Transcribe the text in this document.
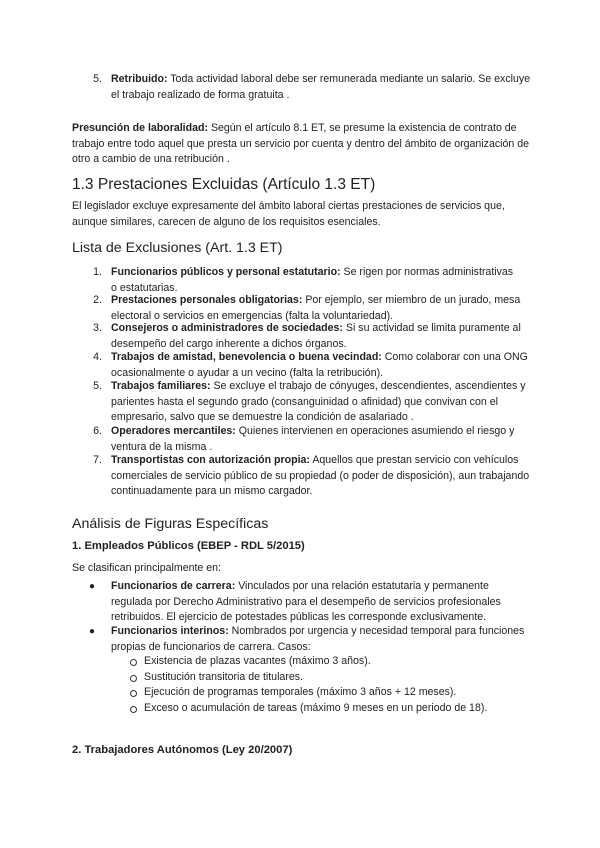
5. Retribuido: Toda actividad laboral debe ser remunerada mediante un salario. Se excluye el trabajo realizado de forma gratuita .
Presunción de laboralidad: Según el artículo 8.1 ET, se presume la existencia de contrato de trabajo entre todo aquel que presta un servicio por cuenta y dentro del ámbito de organización de otro a cambio de una retribución .
1.3 Prestaciones Excluidas (Artículo 1.3 ET)
El legislador excluye expresamente del ámbito laboral ciertas prestaciones de servicios que, aunque similares, carecen de alguno de los requisitos esenciales.
Lista de Exclusiones (Art. 1.3 ET)
1. Funcionarios públicos y personal estatutario: Se rigen por normas administrativas o estatutarias.
2. Prestaciones personales obligatorias: Por ejemplo, ser miembro de un jurado, mesa electoral o servicios en emergencias (falta la voluntariedad).
3. Consejeros o administradores de sociedades: Si su actividad se limita puramente al desempeño del cargo inherente a dichos órganos.
4. Trabajos de amistad, benevolencia o buena vecindad: Como colaborar con una ONG ocasionalmente o ayudar a un vecino (falta la retribución).
5. Trabajos familiares: Se excluye el trabajo de cónyuges, descendientes, ascendientes y parientes hasta el segundo grado (consanguinidad o afinidad) que convivan con el empresario, salvo que se demuestre la condición de asalariado .
6. Operadores mercantiles: Quienes intervienen en operaciones asumiendo el riesgo y ventura de la misma .
7. Transportistas con autorización propia: Aquellos que prestan servicio con vehículos comerciales de servicio público de su propiedad (o poder de disposición), aun trabajando continuadamente para un mismo cargador.
Análisis de Figuras Específicas
1. Empleados Públicos (EBEP - RDL 5/2015)
Se clasifican principalmente en:
● Funcionarios de carrera: Vinculados por una relación estatutaria y permanente regulada por Derecho Administrativo para el desempeño de servicios profesionales retribuidos. El ejercicio de potestades públicas les corresponde exclusivamente.
● Funcionarios interinos: Nombrados por urgencia y necesidad temporal para funciones propias de funcionarios de carrera. Casos:
Existencia de plazas vacantes (máximo 3 años).
Sustitución transitoria de titulares.
Ejecución de programas temporales (máximo 3 años + 12 meses).
Exceso o acumulación de tareas (máximo 9 meses en un periodo de 18).
2. Trabajadores Autónomos (Ley 20/2007)
